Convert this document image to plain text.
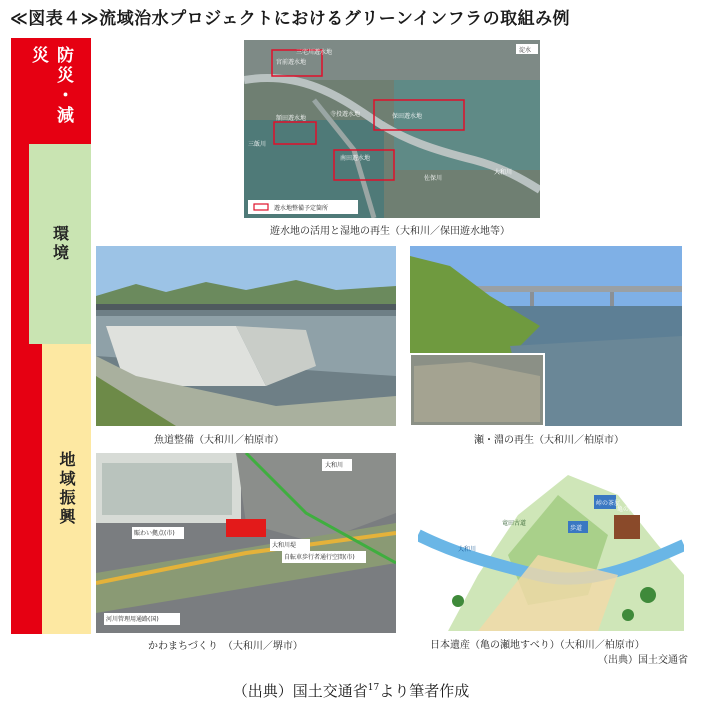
≪図表４≫流域治水プロジェクトにおけるグリーンインフラの取組み例
防災・減災
環境
地域振興
遊水地整備予定箇所
淀水
三宅川遊水地
宮前遊水地
保田遊水地
額田遊水地
南田遊水地
寺投遊水地
三飯川
大和川
佐保川
遊水地の活用と湿地の再生（大和川／保田遊水地等）
魚道整備（大和川／柏原市）	瀬・淵の再生（大和川／柏原市）
賑わい拠点(市)
大和川堤
自転車歩行者通行空間(市)
河川管理用通路(国)
大和川
かわまちづくり　（大和川／堺市）
亀の瀬
大和川
歩道
峠の茶屋
竜田古道
日本遺産（亀の瀬地すべり）（大和川／柏原市）
（出典）国土交通省
（出典）国土交通省$^{17}$より筆者作成
